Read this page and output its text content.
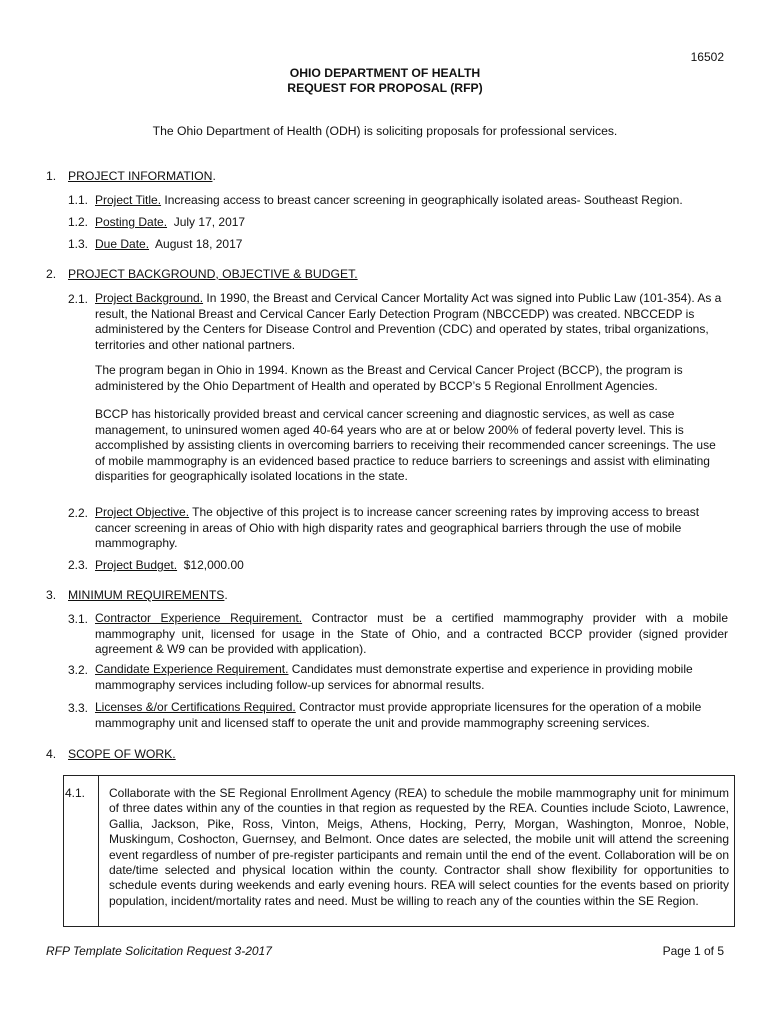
16502
OHIO DEPARTMENT OF HEALTH
REQUEST FOR PROPOSAL (RFP)
The Ohio Department of Health (ODH) is soliciting proposals for professional services.
1. PROJECT INFORMATION.
1.1. Project Title. Increasing access to breast cancer screening in geographically isolated areas- Southeast Region.
1.2. Posting Date.  July 17, 2017
1.3. Due Date.  August 18, 2017
2. PROJECT BACKGROUND, OBJECTIVE & BUDGET.
2.1. Project Background. In 1990, the Breast and Cervical Cancer Mortality Act was signed into Public Law (101-354). As a result, the National Breast and Cervical Cancer Early Detection Program (NBCCEDP) was created. NBCCEDP is administered by the Centers for Disease Control and Prevention (CDC) and operated by states, tribal organizations, territories and other national partners.

The program began in Ohio in 1994. Known as the Breast and Cervical Cancer Project (BCCP), the program is administered by the Ohio Department of Health and operated by BCCP’s 5 Regional Enrollment Agencies.

BCCP has historically provided breast and cervical cancer screening and diagnostic services, as well as case management, to uninsured women aged 40-64 years who are at or below 200% of federal poverty level. This is accomplished by assisting clients in overcoming barriers to receiving their recommended cancer screenings. The use of mobile mammography is an evidenced based practice to reduce barriers to screenings and assist with eliminating disparities for geographically isolated locations in the state.

2.2. Project Objective. The objective of this project is to increase cancer screening rates by improving access to breast cancer screening in areas of Ohio with high disparity rates and geographical barriers through the use of mobile mammography.
2.3. Project Budget.  $12,000.00
3. MINIMUM REQUIREMENTS.
3.1. Contractor Experience Requirement. Contractor must be a certified mammography provider with a mobile mammography unit, licensed for usage in the State of Ohio, and a contracted BCCP provider (signed provider agreement & W9 can be provided with application).
3.2. Candidate Experience Requirement. Candidates must demonstrate expertise and experience in providing mobile mammography services including follow-up services for abnormal results.
3.3. Licenses &/or Certifications Required. Contractor must provide appropriate licensures for the operation of a mobile mammography unit and licensed staff to operate the unit and provide mammography screening services.
4. SCOPE OF WORK.
4.1. Collaborate with the SE Regional Enrollment Agency (REA) to schedule the mobile mammography unit for minimum of three dates within any of the counties in that region as requested by the REA. Counties include Scioto, Lawrence, Gallia, Jackson, Pike, Ross, Vinton, Meigs, Athens, Hocking, Perry, Morgan, Washington, Monroe, Noble, Muskingum, Coshocton, Guernsey, and Belmont. Once dates are selected, the mobile unit will attend the screening event regardless of number of pre-register participants and remain until the end of the event. Collaboration will be on date/time selected and physical location within the county. Contractor shall show flexibility for opportunities to schedule events during weekends and early evening hours. REA will select counties for the events based on priority population, incident/mortality rates and need. Must be willing to reach any of the counties within the SE Region.
RFP Template Solicitation Request 3-2017	Page 1 of 5
